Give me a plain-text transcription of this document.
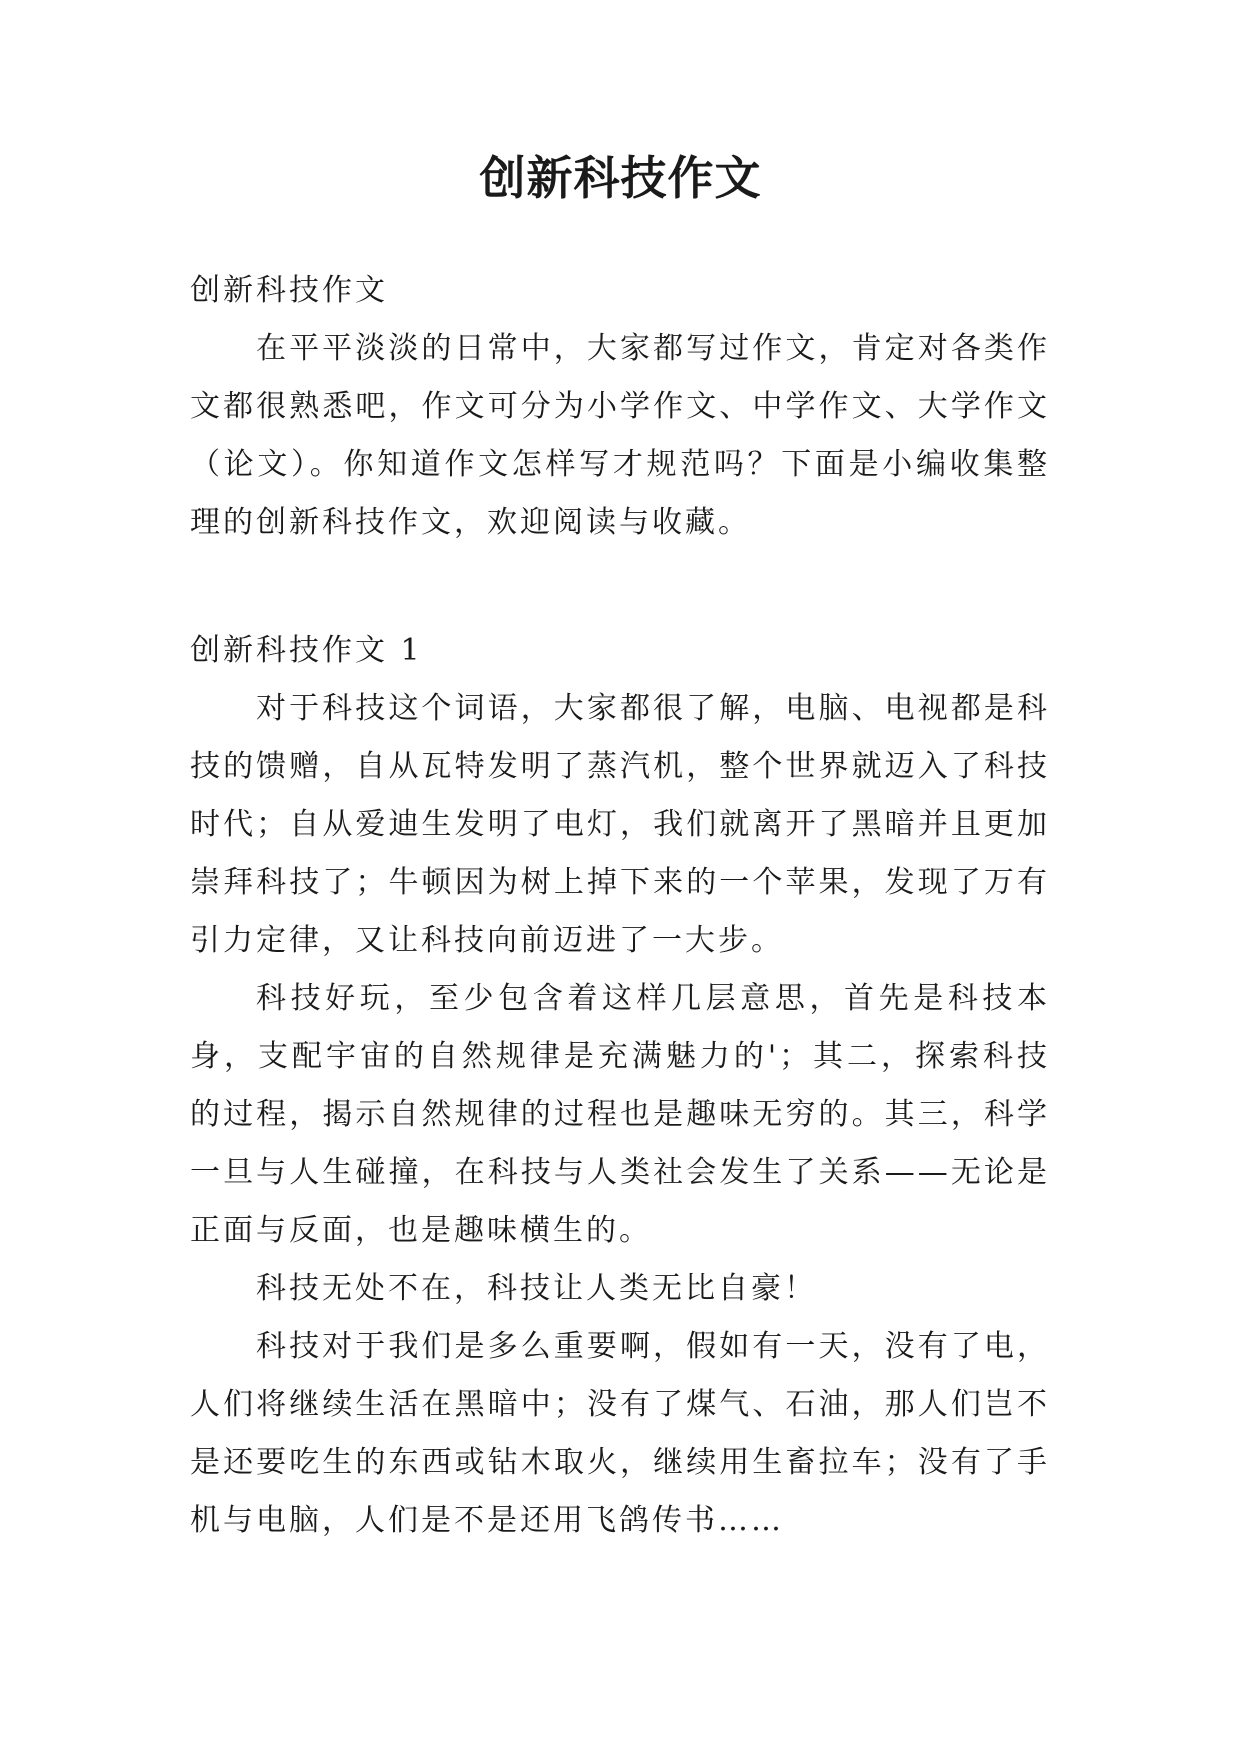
创新科技作文

创新科技作文

在平平淡淡的日常中，大家都写过作文，肯定对各类作文都很熟悉吧，作文可分为小学作文、中学作文、大学作文（论文）。你知道作文怎样写才规范吗？下面是小编收集整理的创新科技作文，欢迎阅读与收藏。

创新科技作文 1

对于科技这个词语，大家都很了解，电脑、电视都是科技的馈赠，自从瓦特发明了蒸汽机，整个世界就迈入了科技时代；自从爱迪生发明了电灯，我们就离开了黑暗并且更加崇拜科技了；牛顿因为树上掉下来的一个苹果，发现了万有引力定律，又让科技向前迈进了一大步。

科技好玩，至少包含着这样几层意思，首先是科技本身，支配宇宙的自然规律是充满魅力的'；其二，探索科技的过程，揭示自然规律的过程也是趣味无穷的。其三，科学一旦与人生碰撞，在科技与人类社会发生了关系——无论是正面与反面，也是趣味横生的。

科技无处不在，科技让人类无比自豪！

科技对于我们是多么重要啊，假如有一天，没有了电，人们将继续生活在黑暗中；没有了煤气、石油，那人们岂不是还要吃生的东西或钻木取火，继续用生畜拉车；没有了手机与电脑，人们是不是还用飞鸽传书……
